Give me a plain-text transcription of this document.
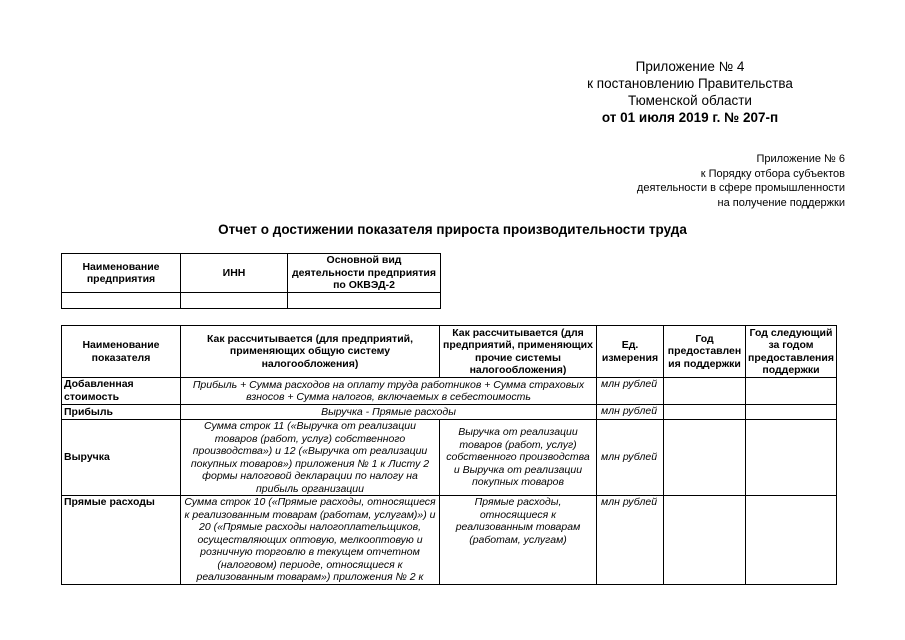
Приложение № 4
к постановлению Правительства
Тюменской области
от 01 июля 2019 г. № 207-п
Приложение № 6
к Порядку отбора субъектов
деятельности в сфере промышленности
на получение поддержки
Отчет о достижении показателя прироста производительности труда
Наименование предприятия	ИНН	Основной вид деятельности предприятия по ОКВЭД-2

Наименование показателя	Как рассчитывается (для предприятий, применяющих общую систему налогообложения)	Как рассчитывается (для предприятий, применяющих прочие системы налогообложения)	Ед. измерения	Год предоставлен ия поддержки	Год следующий за годом предоставления поддержки
Добавленная стоимость	Прибыль + Сумма расходов на оплату труда работников + Сумма страховых взносов + Сумма налогов, включаемых в себестоимость		млн рублей		
Прибыль	Выручка - Прямые расходы		млн рублей		
Выручка	Сумма строк 11 («Выручка от реализации товаров (работ, услуг) собственного производства») и 12 («Выручка от реализации покупных товаров») приложения № 1 к Листу 2 формы налоговой декларации по налогу на прибыль организации	Выручка от реализации товаров (работ, услуг) собственного производства и Выручка от реализации покупных товаров	млн рублей		
Прямые расходы	Сумма строк 10 («Прямые расходы, относящиеся к реализованным товарам (работам, услугам)») и 20 («Прямые расходы налогоплательщиков, осуществляющих оптовую, мелкооптовую и розничную торговлю в текущем отчетном (налоговом) периоде, относящиеся к реализованным товарам») приложения № 2 к	Прямые расходы, относящиеся к реализованным товарам (работам, услугам)	млн рублей		
